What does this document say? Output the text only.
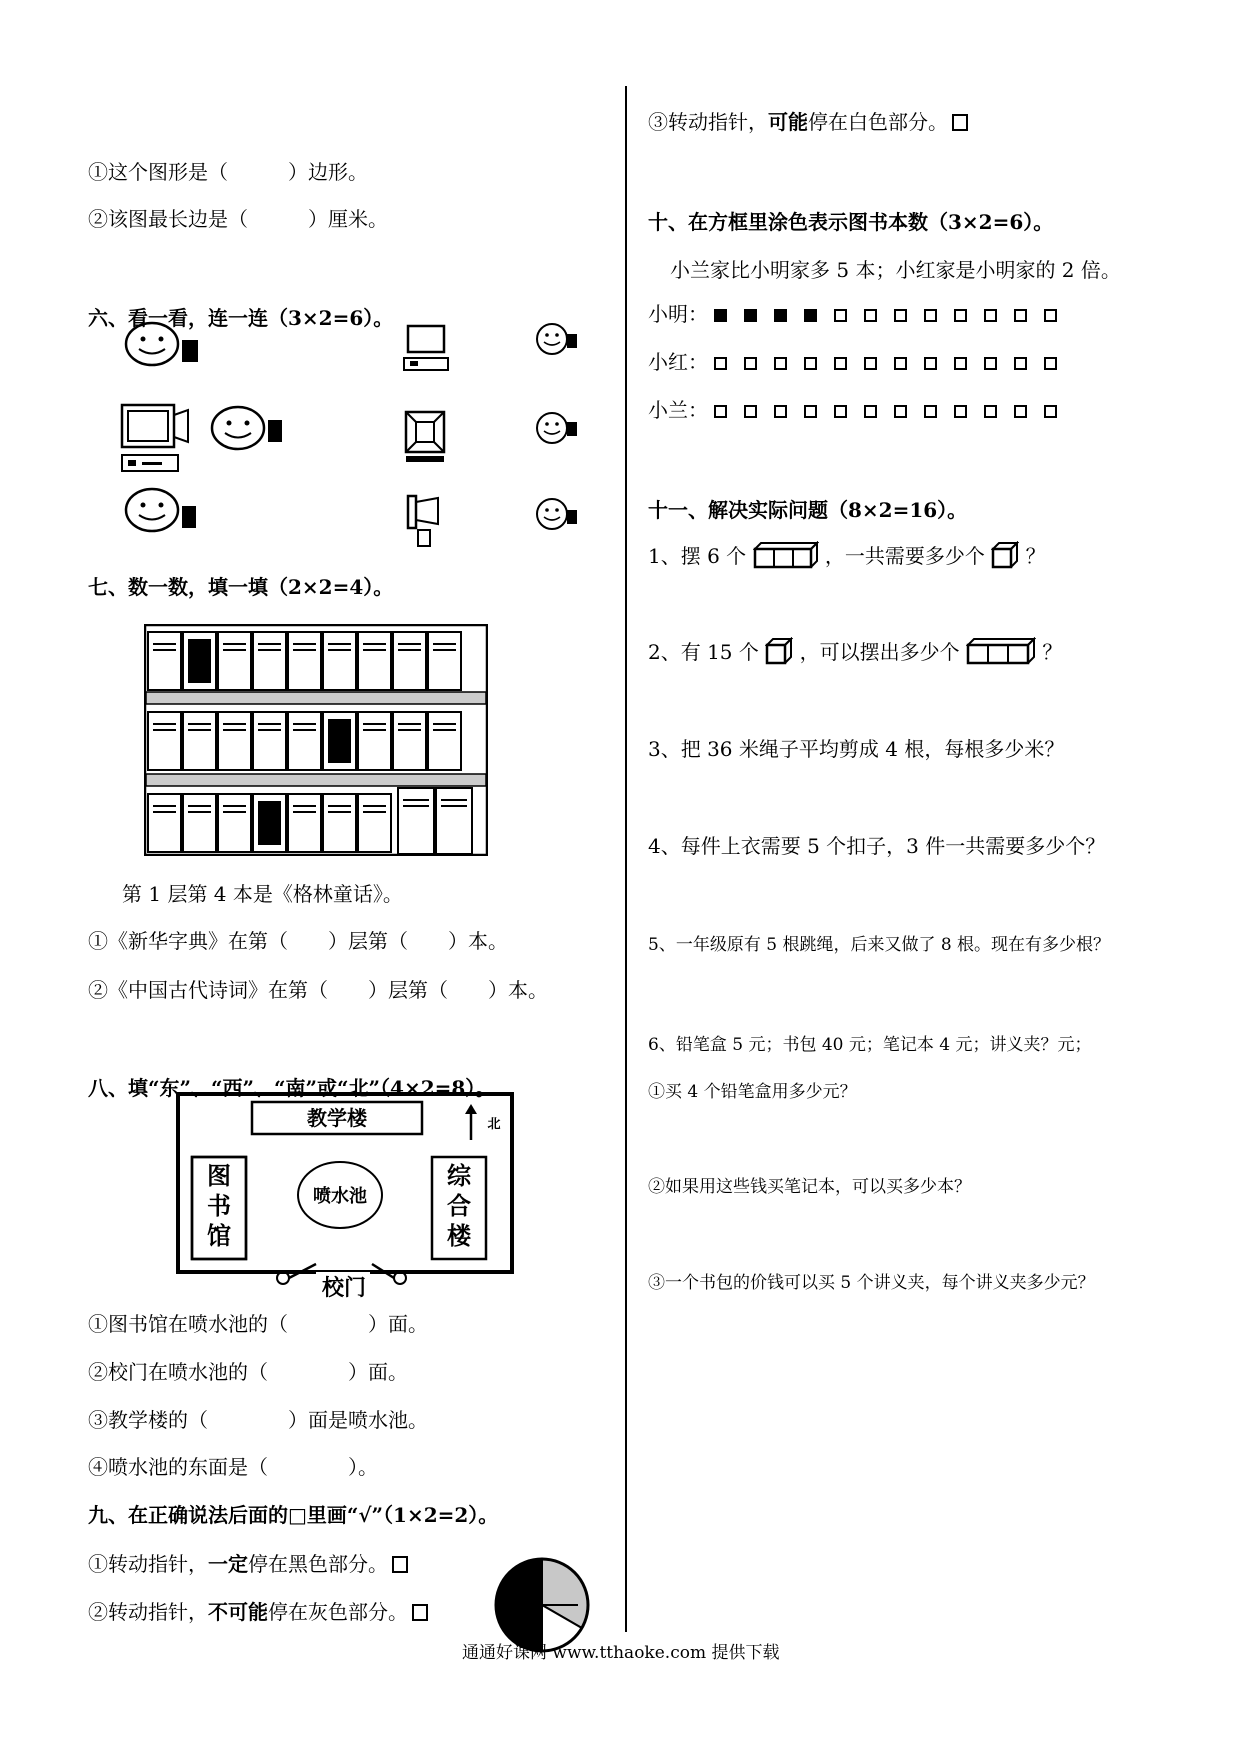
①这个图形是（　　　）边形。
②该图最长边是（　　　）厘米。
六、看一看，连一连（3×2=6）。
七、数一数，填一填（2×2=4）。
第 1 层第 4 本是《格林童话》。
①《新华字典》在第（　　）层第（　　）本。
②《中国古代诗词》在第（　　）层第（　　）本。
八、填“东”、“西”、“南”或“北”（4×2=8）。
教学楼	北
图
书
馆
综
合
楼
喷水池
校门
①图书馆在喷水池的（　　　　）面。
②校门在喷水池的（　　　　）面。
③教学楼的（　　　　）面是喷水池。
④喷水池的东面是（　　　　）。
九、在正确说法后面的□里画“√”（1×2=2）。
①转动指针，一定停在黑色部分。
②转动指针，不可能停在灰色部分。
③转动指针，可能停在白色部分。
十、在方框里涂色表示图书本数（3×2=6）。
小兰家比小明家多 5 本；小红家是小明家的 2 倍。
小明：
小红：
小兰：
十一、解决实际问题（8×2=16）。
1、摆 6 个	，一共需要多少个 ？
2、有 15 个 ，可以摆出多少个	？
3、把 36 米绳子平均剪成 4 根，每根多少米？
4、每件上衣需要 5 个扣子，3 件一共需要多少个？
5、一年级原有 5 根跳绳，后来又做了 8 根。现在有多少根？
6、铅笔盒 5 元；书包 40 元；笔记本 4 元；讲义夹？元；
①买 4 个铅笔盒用多少元？
②如果用这些钱买笔记本，可以买多少本？
③一个书包的价钱可以买 5 个讲义夹，每个讲义夹多少元？
通通好课网 www.tthaoke.com 提供下载
